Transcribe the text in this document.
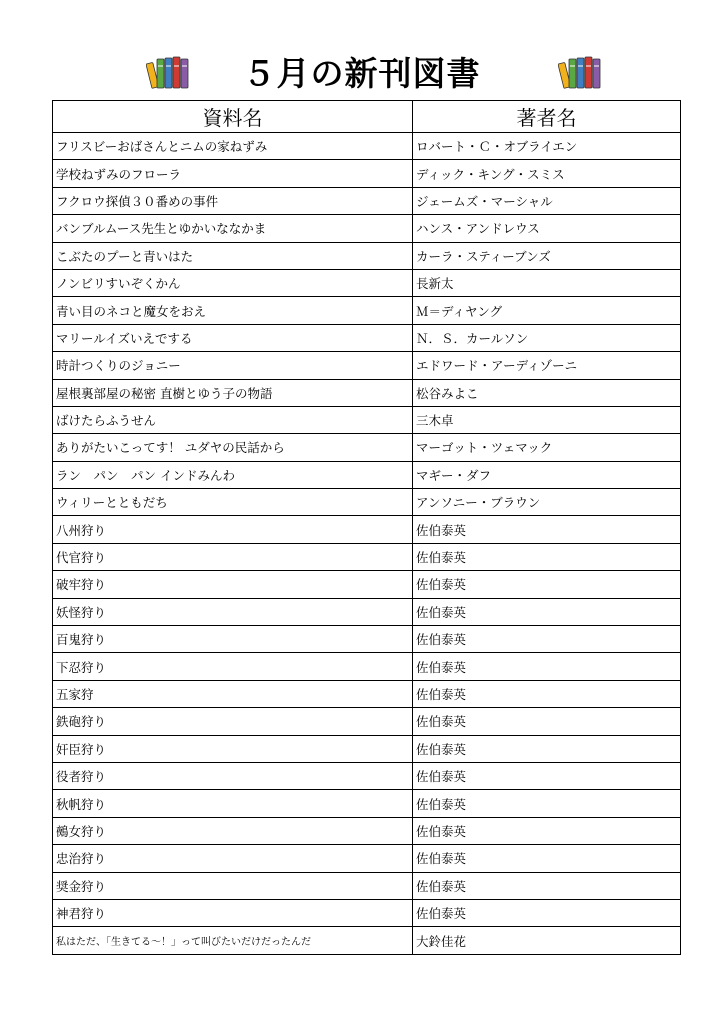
５月の新刊図書
資料名	著者名
フリスビーおばさんとニムの家ねずみ	ロバート・Ｃ・オブライエン
学校ねずみのフローラ	ディック・キング・スミス
フクロウ探偵３０番めの事件	ジェームズ・マーシャル
バンブルムース先生とゆかいななかま	ハンス・アンドレウス
こぶたのプーと青いはた	カーラ・スティーブンズ
ノンビリすいぞくかん	長新太
青い目のネコと魔女をおえ	Ｍ＝ディヤング
マリールイズいえでする	Ｎ．Ｓ．カールソン
時計つくりのジョニー	エドワード・アーディゾーニ
屋根裏部屋の秘密 直樹とゆう子の物語	松谷みよこ
ばけたらふうせん	三木卓
ありがたいこってす！ ユダヤの民話から	マーゴット・ツェマック
ラン　パン　パン インドみんわ	マギー・ダフ
ウィリーとともだち	アンソニー・ブラウン
八州狩り	佐伯泰英
代官狩り	佐伯泰英
破牢狩り	佐伯泰英
妖怪狩り	佐伯泰英
百鬼狩り	佐伯泰英
下忍狩り	佐伯泰英
五家狩	佐伯泰英
鉄砲狩り	佐伯泰英
奸臣狩り	佐伯泰英
役者狩り	佐伯泰英
秋帆狩り	佐伯泰英
鵺女狩り	佐伯泰英
忠治狩り	佐伯泰英
奨金狩り	佐伯泰英
神君狩り	佐伯泰英
私はただ、「生きてる〜！」って叫びたいだけだったんだ	大鈴佳花
